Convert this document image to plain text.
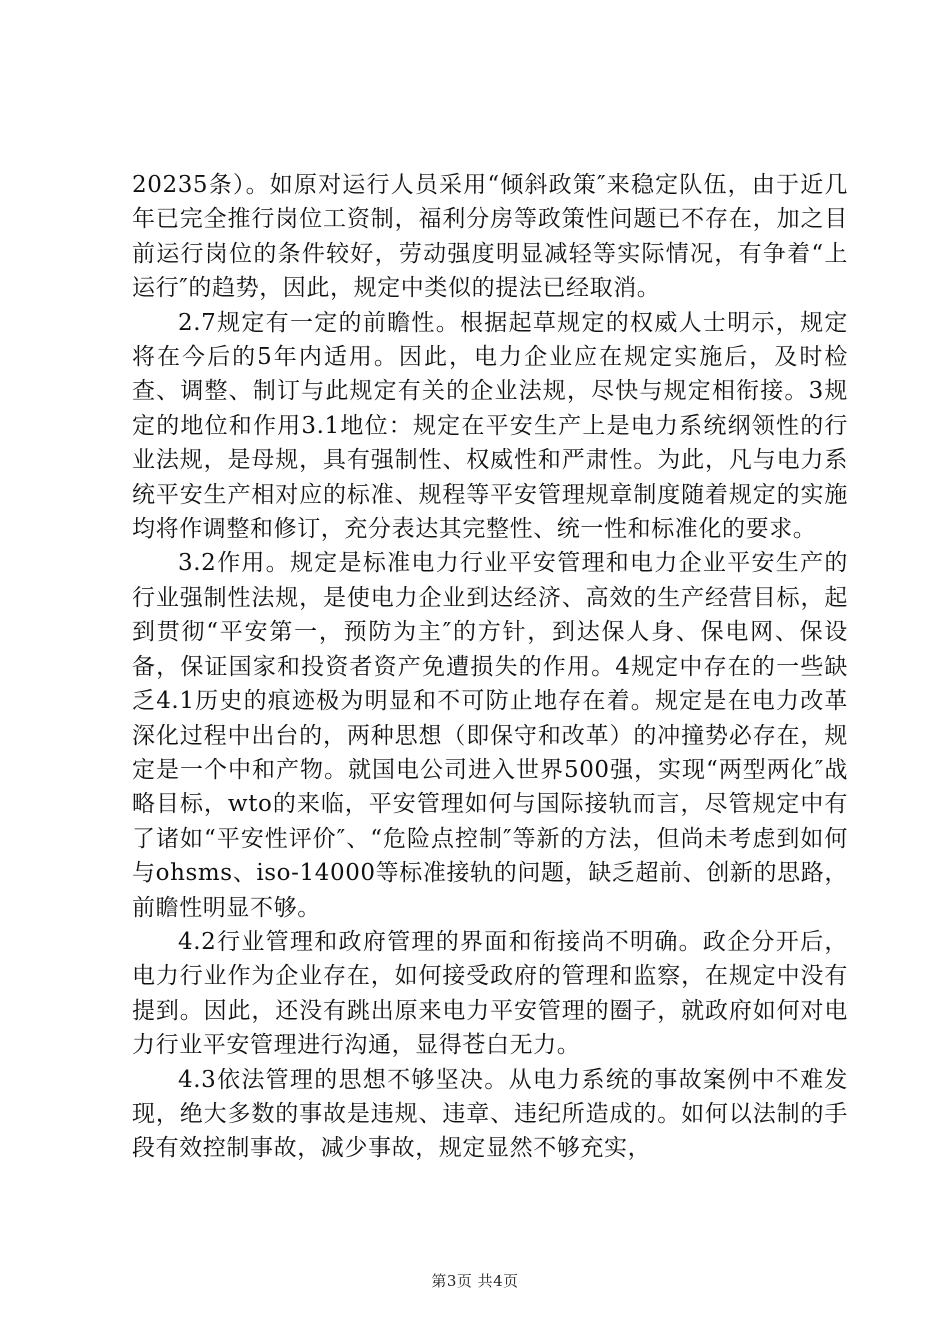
20235条）。如原对运行人员采用“倾斜政策″来稳定队伍，由于近几年已完全推行岗位工资制，福利分房等政策性问题已不存在，加之目前运行岗位的条件较好，劳动强度明显减轻等实际情况，有争着“上运行″的趋势，因此，规定中类似的提法已经取消。

2.7规定有一定的前瞻性。根据起草规定的权威人士明示，规定将在今后的5年内适用。因此，电力企业应在规定实施后，及时检查、调整、制订与此规定有关的企业法规，尽快与规定相衔接。3规定的地位和作用3.1地位：规定在平安生产上是电力系统纲领性的行业法规，是母规，具有强制性、权威性和严肃性。为此，凡与电力系统平安生产相对应的标准、规程等平安管理规章制度随着规定的实施均将作调整和修订，充分表达其完整性、统一性和标准化的要求。

3.2作用。规定是标准电力行业平安管理和电力企业平安生产的行业强制性法规，是使电力企业到达经济、高效的生产经营目标，起到贯彻“平安第一，预防为主″的方针，到达保人身、保电网、保设备，保证国家和投资者资产免遭损失的作用。4规定中存在的一些缺乏4.1历史的痕迹极为明显和不可防止地存在着。规定是在电力改革深化过程中出台的，两种思想（即保守和改革）的冲撞势必存在，规定是一个中和产物。就国电公司进入世界500强，实现“两型两化″战略目标，wto的来临，平安管理如何与国际接轨而言，尽管规定中有了诸如“平安性评价″、“危险点控制″等新的方法，但尚未考虑到如何与ohsms、iso-14000等标准接轨的问题，缺乏超前、创新的思路，前瞻性明显不够。

4.2行业管理和政府管理的界面和衔接尚不明确。政企分开后，电力行业作为企业存在，如何接受政府的管理和监察，在规定中没有提到。因此，还没有跳出原来电力平安管理的圈子，就政府如何对电力行业平安管理进行沟通，显得苍白无力。

4.3依法管理的思想不够坚决。从电力系统的事故案例中不难发现，绝大多数的事故是违规、违章、违纪所造成的。如何以法制的手段有效控制事故，减少事故，规定显然不够充实，

第3页 共4页
